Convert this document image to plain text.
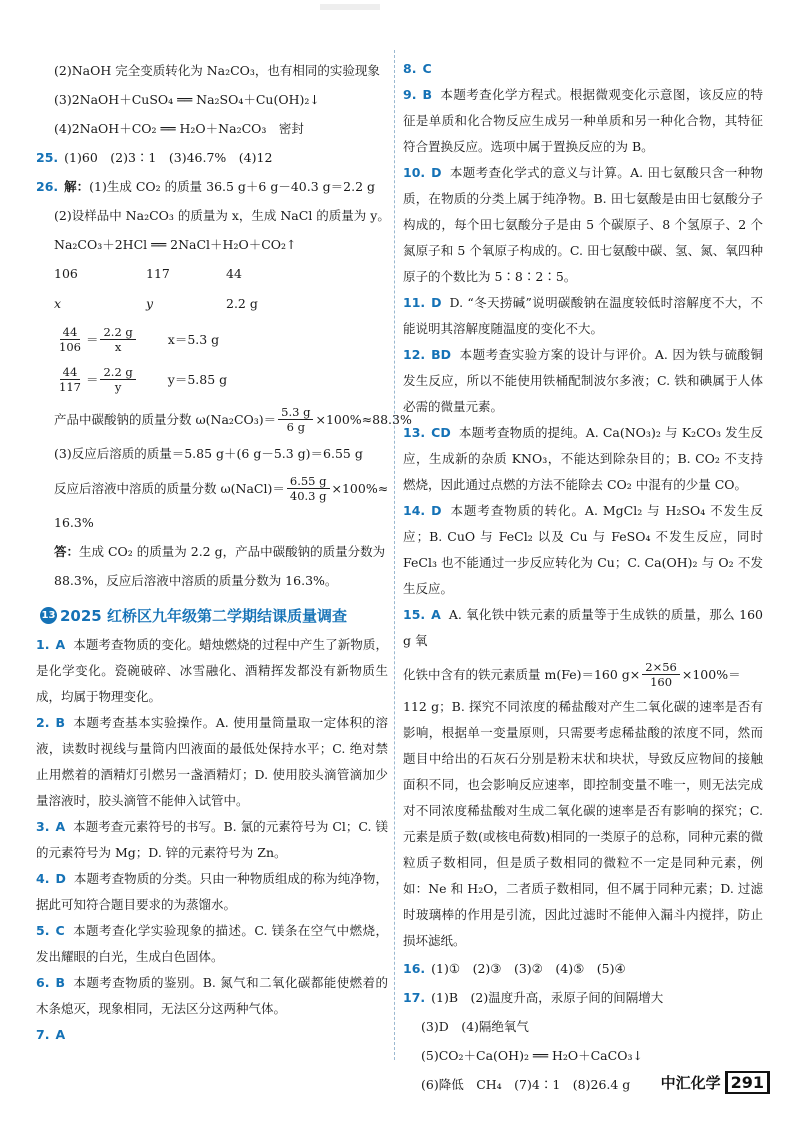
(2)NaOH 完全变质转化为 Na₂CO₃，也有相同的实验现象
(3)2NaOH＋CuSO₄ ══ Na₂SO₄＋Cu(OH)₂↓
(4)2NaOH＋CO₂ ══ H₂O＋Na₂CO₃　密封
25. (1)60　(2)3∶1　(3)46.7%　(4)12
26. 解：(1)生成 CO₂ 的质量 36.5 g＋6 g－40.3 g＝2.2 g
(2)设样品中 Na₂CO₃ 的质量为 x，生成 NaCl 的质量为 y。
Na₂CO₃＋2HCl ══ 2NaCl＋H₂O＋CO₂↑
106	117	44
x	y	2.2 g
$\frac{44}{106} = \frac{2.2 g}{x}$	x＝5.3 g
$\frac{44}{117} = \frac{2.2 g}{y}$	y＝5.85 g
产品中碳酸钠的质量分数 $\omega(Na_2CO_3)= \frac{5.3 g}{6 g} \times 100\%\approx 88.3\%$
(3)反应后溶质的质量＝5.85 g＋(6 g－5.3 g)＝6.55 g
反应后溶液中溶质的质量分数 ω(NaCl)＝ $\frac{6.55 g}{40.3 g} \times 100\%\approx$
16.3%
答：生成 CO₂ 的质量为 2.2 g，产品中碳酸钠的质量分数为
88.3%，反应后溶液中溶质的质量分数为 16.3%。
13 2025 红桥区九年级第二学期结课质量调查
1. A 本题考查物质的变化。蜡烛燃烧的过程中产生了新物质，是化学变化。瓷碗破碎、冰雪融化、酒精挥发都没有新物质生成，均属于物理变化。
2. B 本题考查基本实验操作。A. 使用量筒量取一定体积的溶液，读数时视线与量筒内凹液面的最低处保持水平；C. 绝对禁止用燃着的酒精灯引燃另一盏酒精灯；D. 使用胶头滴管滴加少量溶液时，胶头滴管不能伸入试管中。
3. A 本题考查元素符号的书写。B. 氯的元素符号为 Cl；C. 镁的元素符号为 Mg；D. 锌的元素符号为 Zn。
4. D 本题考查物质的分类。只由一种物质组成的称为纯净物，据此可知符合题目要求的为蒸馏水。
5. C 本题考查化学实验现象的描述。C. 镁条在空气中燃烧，发出耀眼的白光，生成白色固体。
6. B 本题考查物质的鉴别。B. 氮气和二氧化碳都能使燃着的木条熄灭，现象相同，无法区分这两种气体。
7. A
8. C
9. B 本题考查化学方程式。根据微观变化示意图，该反应的特征是单质和化合物反应生成另一种单质和另一种化合物，其特征符合置换反应。选项中属于置换反应的为 B。
10. D 本题考查化学式的意义与计算。A. 田七氨酸只含一种物质，在物质的分类上属于纯净物。B. 田七氨酸是由田七氨酸分子构成的，每个田七氨酸分子是由 5 个碳原子、8 个氢原子、2 个氮原子和 5 个氧原子构成的。C. 田七氨酸中碳、氢、氮、氧四种原子的个数比为 5∶8∶2∶5。
11. D D. “冬天捞碱”说明碳酸钠在温度较低时溶解度不大，不能说明其溶解度随温度的变化不大。
12. BD 本题考查实验方案的设计与评价。A. 因为铁与硫酸铜发生反应，所以不能使用铁桶配制波尔多液；C. 铁和碘属于人体必需的微量元素。
13. CD 本题考查物质的提纯。A. Ca(NO₃)₂ 与 K₂CO₃ 发生反应，生成新的杂质 KNO₃，不能达到除杂目的；B. CO₂ 不支持燃烧，因此通过点燃的方法不能除去 CO₂ 中混有的少量 CO。
14. D 本题考查物质的转化。A. MgCl₂ 与 H₂SO₄ 不发生反应；B. CuO 与 FeCl₂ 以及 Cu 与 FeSO₄ 不发生反应，同时 FeCl₃ 也不能通过一步反应转化为 Cu；C. Ca(OH)₂ 与 O₂ 不发生反应。
15. A A. 氧化铁中铁元素的质量等于生成铁的质量，那么 160 g 氧
化铁中含有的铁元素质量 m(Fe)＝160 $g\times \frac{2\times 56}{160} \times 100\%=$
112 g；B. 探究不同浓度的稀盐酸对产生二氧化碳的速率是否有影响，根据单一变量原则，只需要考虑稀盐酸的浓度不同，然而题目中给出的石灰石分别是粉末状和块状，导致反应物间的接触面积不同，也会影响反应速率，即控制变量不唯一，则无法完成对不同浓度稀盐酸对生成二氧化碳的速率是否有影响的探究；C. 元素是质子数(或核电荷数)相同的一类原子的总称，同种元素的微粒质子数相同，但是质子数相同的微粒不一定是同种元素，例如：Ne 和 H₂O，二者质子数相同，但不属于同种元素；D. 过滤时玻璃棒的作用是引流，因此过滤时不能伸入漏斗内搅拌，防止损坏滤纸。
16. (1)①　(2)③　(3)②　(4)⑤　(5)④
17. (1)B　(2)温度升高，汞原子间的间隔增大
(3)D　(4)隔绝氧气
(5)CO₂＋Ca(OH)₂ ══ H₂O＋CaCO₃↓
(6)降低　CH₄　(7)4∶1　(8)26.4 g	中汇化学 291
